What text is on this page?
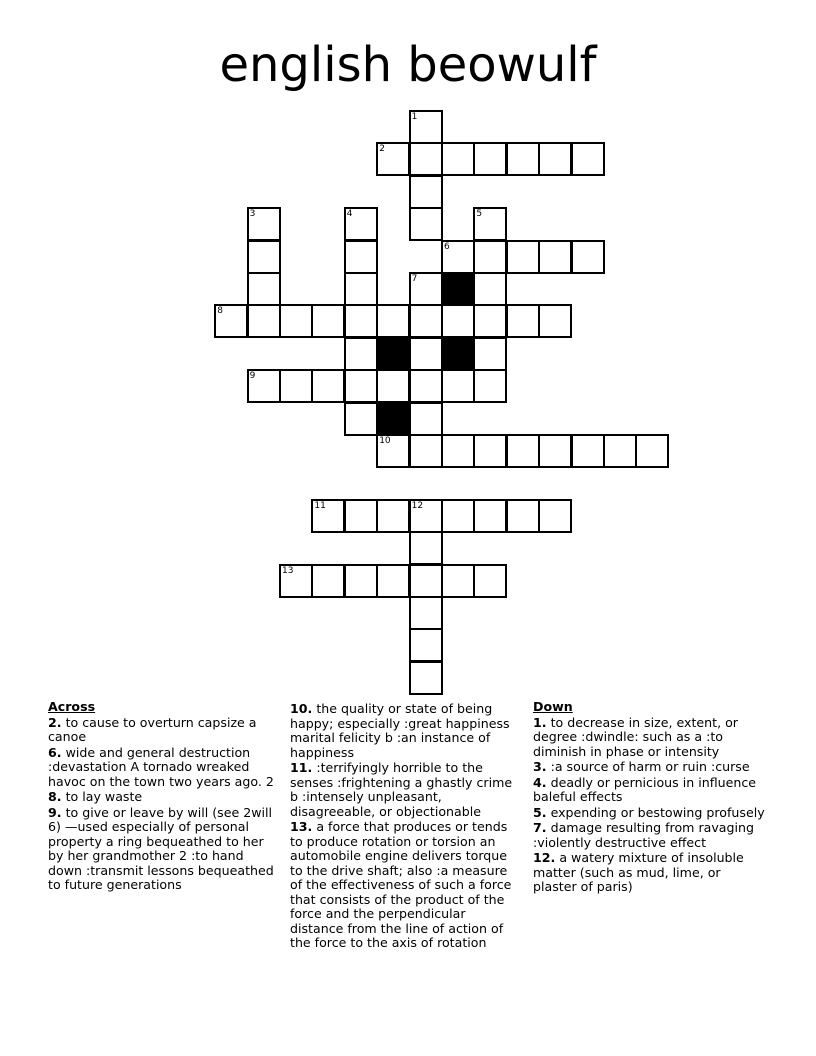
english beowulf
1
2
3	4	5
6
7
8
9
10
11	12
13
Across
2. to cause to overturn capsize a canoe
6. wide and general destruction :devastation A tornado wreaked havoc on the town two years ago. 2
8. to lay waste
9. to give or leave by will (see 2will 6) —used especially of personal property a ring bequeathed to her by her grandmother 2 :to hand down :transmit lessons bequeathed to future generations
10. the quality or state of being happy; especially :great happiness marital felicity b :an instance of happiness
11. :terrifyingly horrible to the senses :frightening a ghastly crime b :intensely unpleasant, disagreeable, or objectionable
13. a force that produces or tends to produce rotation or torsion an automobile engine delivers torque to the drive shaft; also :a measure of the effectiveness of such a force that consists of the product of the force and the perpendicular distance from the line of action of the force to the axis of rotation
Down
1. to decrease in size, extent, or degree :dwindle: such as a :to diminish in phase or intensity
3. :a source of harm or ruin :curse
4. deadly or pernicious in influence baleful effects
5. expending or bestowing profusely
7. damage resulting from ravaging :violently destructive effect
12. a watery mixture of insoluble matter (such as mud, lime, or plaster of paris)
